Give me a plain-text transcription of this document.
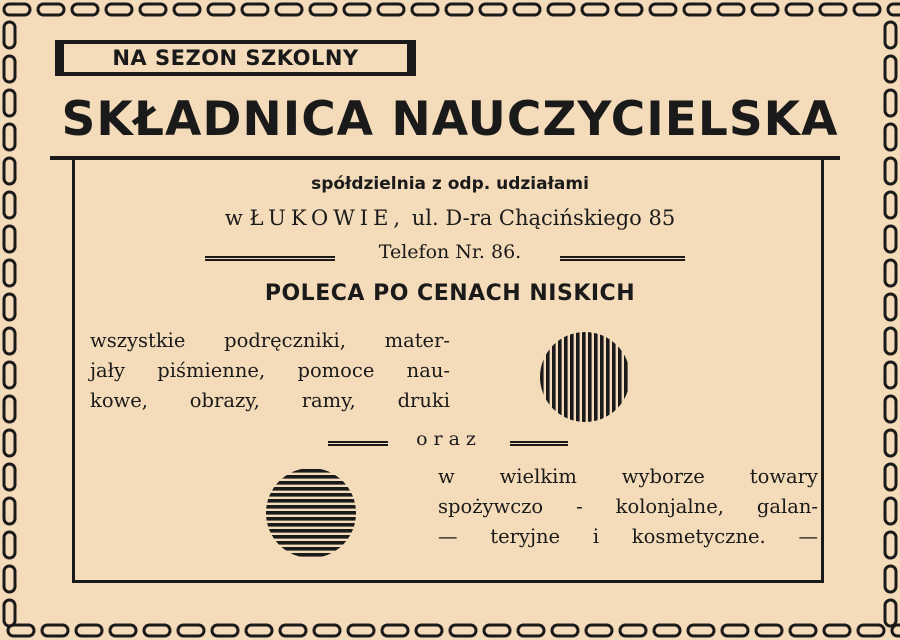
NA SEZON SZKOLNY
SKŁADNICA NAUCZYCIELSKA
spółdzielnia z odp. udziałami
w ŁUKOWIE, ul. D-ra Chącińskiego 85
Telefon Nr. 86.
POLECA PO CENACH NISKICH
wszystkie podręczniki, mater-
jały piśmienne, pomoce nau-
kowe, obrazy, ramy, druki
oraz
w wielkim wyborze towary
spożywczo - kolonjalne, galan-
— teryjne i kosmetyczne. —
